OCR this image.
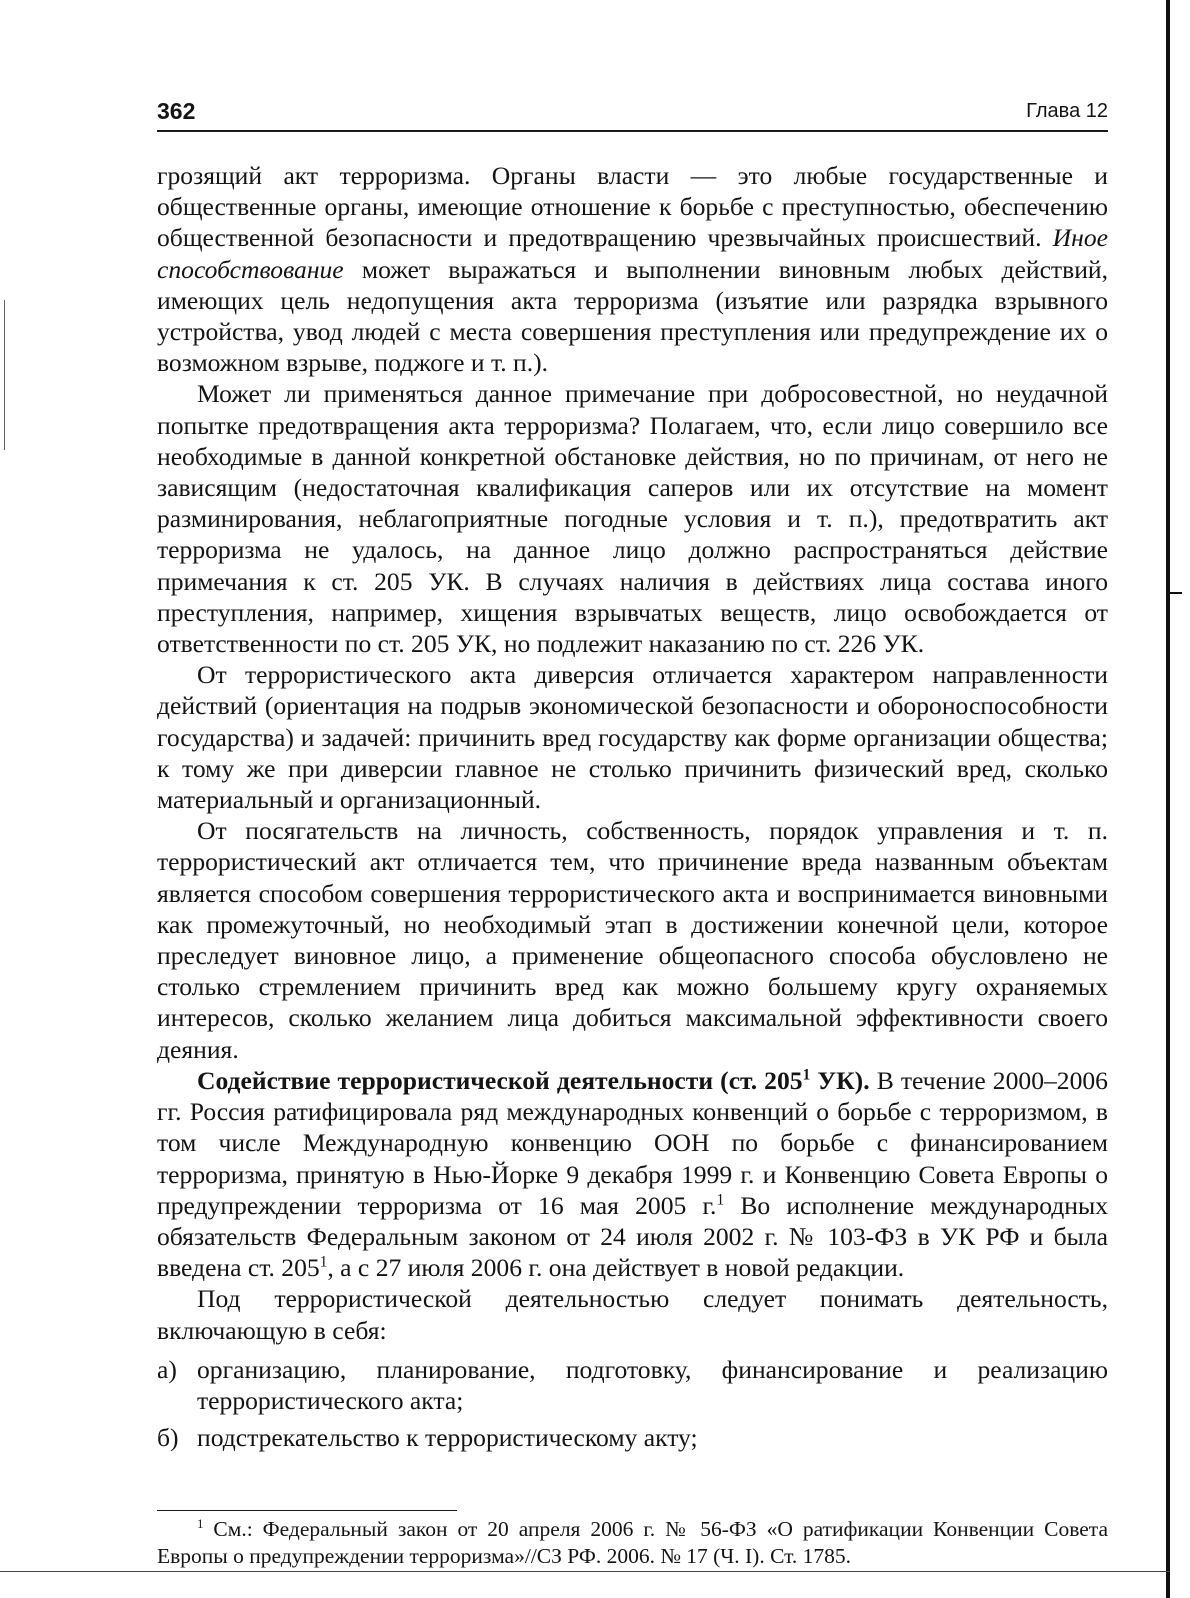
362	Глава 12

грозящий акт терроризма. Органы власти — это любые государственные и общественные органы, имеющие отношение к борьбе с преступностью, обеспечению общественной безопасности и предотвращению чрезвычайных происшествий. Иное способствование может выражаться и выполнении виновным любых действий, имеющих цель недопущения акта терроризма (изъятие или разрядка взрывного устройства, увод людей с места совершения преступления или предупреждение их о возможном взрыве, поджоге и т. п.).

Может ли применяться данное примечание при добросовестной, но неудачной попытке предотвращения акта терроризма? Полагаем, что, если лицо совершило все необходимые в данной конкретной обстановке действия, но по причинам, от него не зависящим (недостаточная квалификация саперов или их отсутствие на момент разминирования, неблагоприятные погодные условия и т. п.), предотвратить акт терроризма не удалось, на данное лицо должно распространяться действие примечания к ст. 205 УК. В случаях наличия в действиях лица состава иного преступления, например, хищения взрывчатых веществ, лицо освобождается от ответственности по ст. 205 УК, но подлежит наказанию по ст. 226 УК.

От террористического акта диверсия отличается характером направленности действий (ориентация на подрыв экономической безопасности и обороноспособности государства) и задачей: причинить вред государству как форме организации общества; к тому же при диверсии главное не столько причинить физический вред, сколько материальный и организационный.

От посягательств на личность, собственность, порядок управления и т. п. террористический акт отличается тем, что причинение вреда названным объектам является способом совершения террористического акта и воспринимается виновными как промежуточный, но необходимый этап в достижении конечной цели, которое преследует виновное лицо, а применение общеопасного способа обусловлено не столько стремлением причинить вред как можно большему кругу охраняемых интересов, сколько желанием лица добиться максимальной эффективности своего деяния.

Содействие террористической деятельности (ст. $205^1$ УК). В течение 2000–2006 гг. Россия ратифицировала ряд международных конвенций о борьбе с терроризмом, в том числе Международную конвенцию ООН по борьбе с финансированием терроризма, принятую в Нью-Йорке 9 декабря 1999 г. и Конвенцию Совета Европы о предупреждении терроризма от 16 мая 2005 г.$^1$ Во исполнение международных обязательств Федеральным законом от 24 июля 2002 г. № 103-ФЗ в УК РФ и была введена ст. $205^1$, а с 27 июля 2006 г. она действует в новой редакции.

Под террористической деятельностью следует понимать деятельность, включающую в себя:

а) организацию, планирование, подготовку, финансирование и реализацию террористического акта;
б) подстрекательство к террористическому акту;
$^1$ См.: Федеральный закон от 20 апреля 2006 г. № 56-ФЗ «О ратификации Конвенции Совета Европы о предупреждении терроризма»//СЗ РФ. 2006. № 17 (Ч. I). Ст. 1785.
